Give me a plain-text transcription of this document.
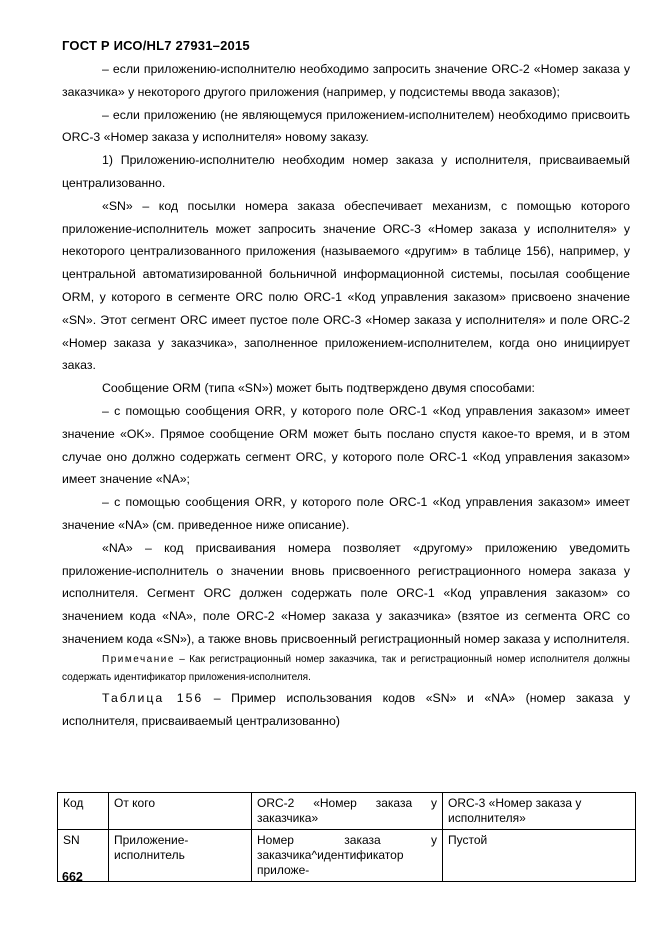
ГОСТ Р ИСО/HL7 27931–2015

– если приложению-исполнителю необходимо запросить значение ORC-2 «Номер заказа у заказчика» у некоторого другого приложения (например, у подсистемы ввода заказов);

– если приложению (не являющемуся приложением-исполнителем) необходимо присвоить ORC-3 «Номер заказа у исполнителя» новому заказу.

1) Приложению-исполнителю необходим номер заказа у исполнителя, присваиваемый централизованно.

«SN» – код посылки номера заказа обеспечивает механизм, с помощью которого приложение-исполнитель может запросить значение ORC-3 «Номер заказа у исполнителя» у некоторого централизованного приложения (называемого «другим» в таблице 156), например, у центральной автоматизированной больничной информационной системы, посылая сообщение ORM, у которого в сегменте ORC полю ORC-1 «Код управления заказом» присвоено значение «SN». Этот сегмент ORC имеет пустое поле ORC-3 «Номер заказа у исполнителя» и поле ORC-2 «Номер заказа у заказчика», заполненное приложением-исполнителем, когда оно инициирует заказ.

Сообщение ORM (типа «SN») может быть подтверждено двумя способами:

– с помощью сообщения ORR, у которого поле ORC-1 «Код управления заказом» имеет значение «OK». Прямое сообщение ORM может быть послано спустя какое-то время, и в этом случае оно должно содержать сегмент ORC, у которого поле ORC-1 «Код управления заказом» имеет значение «NA»;

– с помощью сообщения ORR, у которого поле ORC-1 «Код управления заказом» имеет значение «NA» (см. приведенное ниже описание).

«NA» – код присваивания номера позволяет «другому» приложению уведомить приложение-исполнитель о значении вновь присвоенного регистрационного номера заказа у исполнителя. Сегмент ORC должен содержать поле ORC-1 «Код управления заказом» со значением кода «NA», поле ORC-2 «Номер заказа у заказчика» (взятое из сегмента ORC со значением кода «SN»), а также вновь присвоенный регистрационный номер заказа у исполнителя.

Примечание – Как регистрационный номер заказчика, так и регистрационный номер исполнителя должны содержать идентификатор приложения-исполнителя.

Таблица 156 – Пример использования кодов «SN» и «NA» (номер заказа у исполнителя, присваиваемый централизованно)

Код	От кого	ORC-2 «Номер заказа у заказчика»	ORC-3 «Номер заказа у исполнителя»
SN	Приложение-исполнитель	Номер заказа у заказчика^идентификатор приложе-	Пустой
662
